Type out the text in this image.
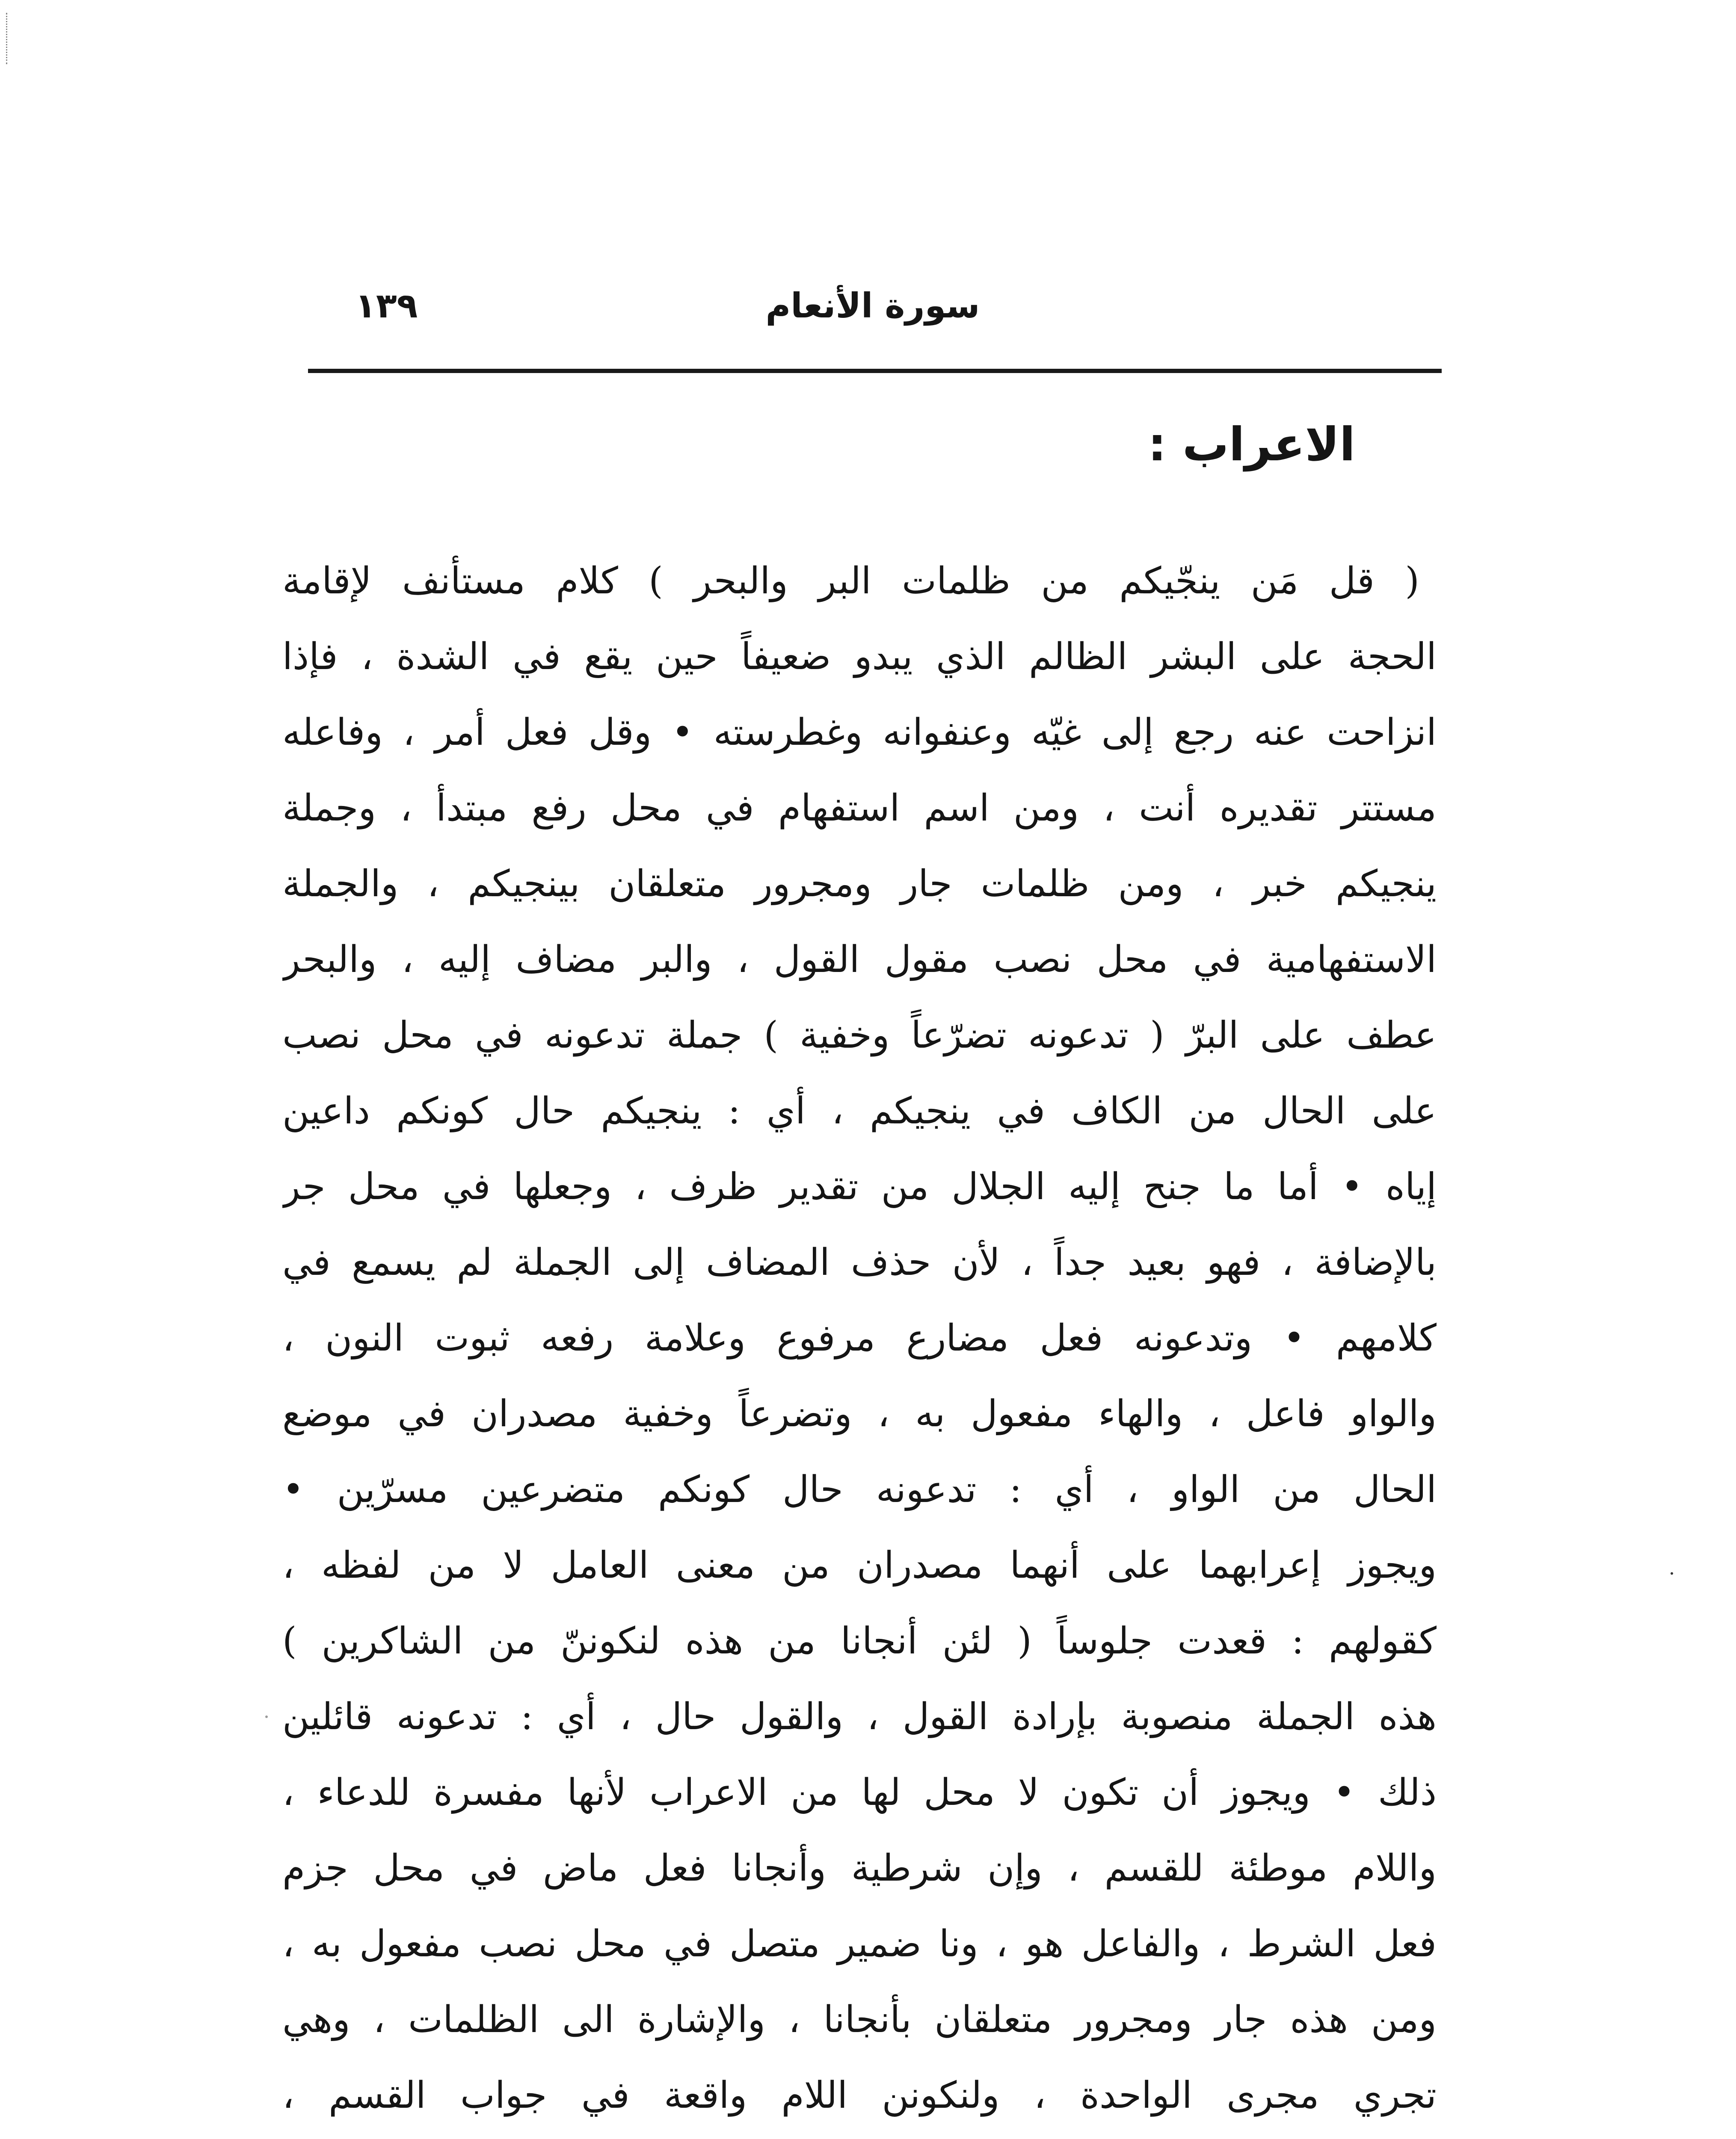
سورة الأنعام
١٣٩
الاعراب :
( قل مَن ينجّيكم من ظلمات البر والبحر ) كلام مستأنف لإقامة
الحجة على البشر الظالم الذي يبدو ضعيفاً حين يقع في الشدة ، فإذا
انزاحت عنه رجع إلى غيّه وعنفوانه وغطرسته • وقل فعل أمر ، وفاعله
مستتر تقديره أنت ، ومن اسم استفهام في محل رفع مبتدأ ، وجملة
ينجيكم خبر ، ومن ظلمات جار ومجرور متعلقان بينجيكم ، والجملة
الاستفهامية في محل نصب مقول القول ، والبر مضاف إليه ، والبحر
عطف على البرّ ( تدعونه تضرّعاً وخفية ) جملة تدعونه في محل نصب
على الحال من الكاف في ينجيكم ، أي : ينجيكم حال كونكم داعين
إياه • أما ما جنح إليه الجلال من تقدير ظرف ، وجعلها في محل جر
بالإضافة ، فهو بعيد جداً ، لأن حذف المضاف إلى الجملة لم يسمع في
كلامهم • وتدعونه فعل مضارع مرفوع وعلامة رفعه ثبوت النون ،
والواو فاعل ، والهاء مفعول به ، وتضرعاً وخفية مصدران في موضع
الحال من الواو ، أي : تدعونه حال كونكم متضرعين مسرّين •
ويجوز إعرابهما على أنهما مصدران من معنى العامل لا من لفظه ،
كقولهم : قعدت جلوساً ( لئن أنجانا من هذه لنكوننّ من الشاكرين )
هذه الجملة منصوبة بإرادة القول ، والقول حال ، أي : تدعونه قائلين
ذلك • ويجوز أن تكون لا محل لها من الاعراب لأنها مفسرة للدعاء ،
واللام موطئة للقسم ، وإن شرطية وأنجانا فعل ماض في محل جزم
فعل الشرط ، والفاعل هو ، ونا ضمير متصل في محل نصب مفعول به ،
ومن هذه جار ومجرور متعلقان بأنجانا ، والإشارة الى الظلمات ، وهي
تجري مجرى الواحدة ، ولنكونن اللام واقعة في جواب القسم ،
